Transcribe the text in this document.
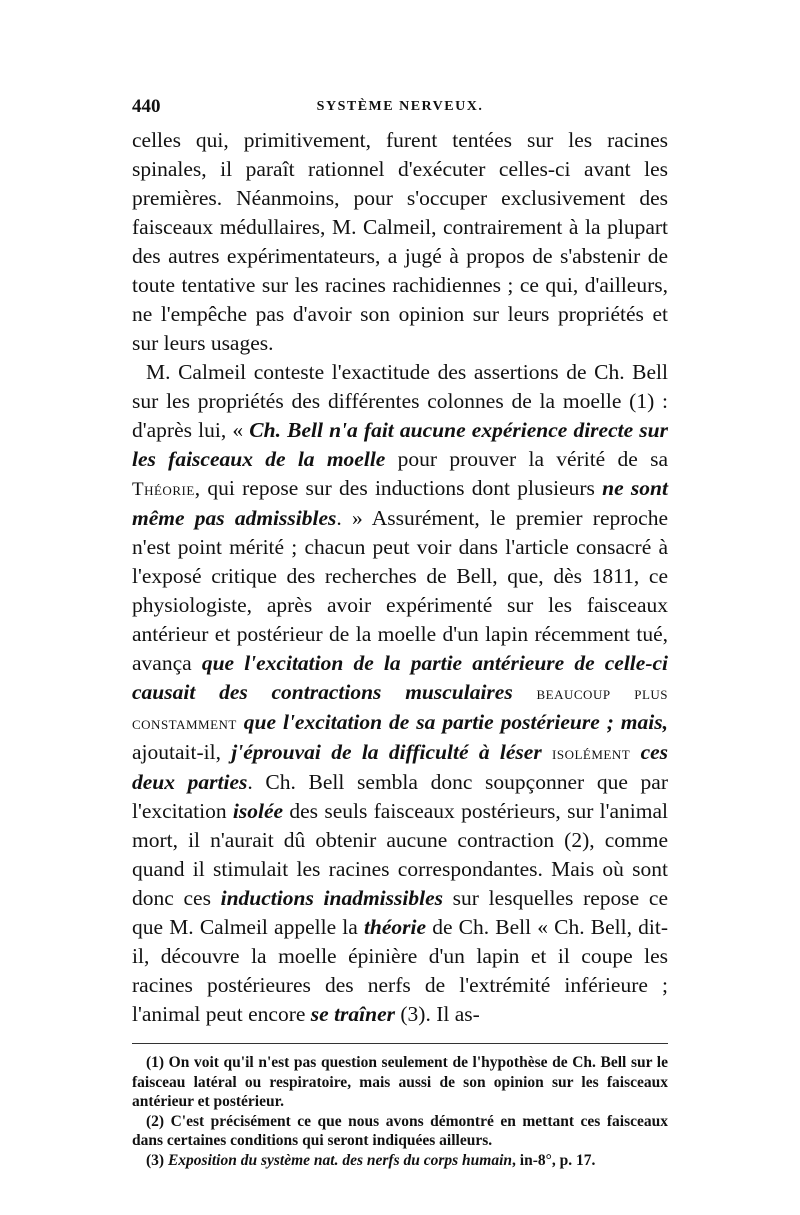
440	SYSTÈME NERVEUX.

celles qui, primitivement, furent tentées sur les racines spinales, il paraît rationnel d'exécuter celles-ci avant les premières. Néanmoins, pour s'occuper exclusivement des faisceaux médullaires, M. Calmeil, contrairement à la plupart des autres expérimentateurs, a jugé à propos de s'abstenir de toute tentative sur les racines rachidiennes ; ce qui, d'ailleurs, ne l'empêche pas d'avoir son opinion sur leurs propriétés et sur leurs usages.

M. Calmeil conteste l'exactitude des assertions de Ch. Bell sur les propriétés des différentes colonnes de la moelle (1) : d'après lui, « Ch. Bell n'a fait aucune expérience directe sur les faisceaux de la moelle pour prouver la vérité de sa Théorie, qui repose sur des inductions dont plusieurs ne sont même pas admissibles. » Assurément, le premier reproche n'est point mérité ; chacun peut voir dans l'article consacré à l'exposé critique des recherches de Bell, que, dès 1811, ce physiologiste, après avoir expérimenté sur les faisceaux antérieur et postérieur de la moelle d'un lapin récemment tué, avança que l'excitation de la partie antérieure de celle-ci causait des contractions musculaires beaucoup plus constamment que l'excitation de sa partie postérieure ; mais, ajoutait-il, j'éprouvai de la difficulté à léser isolément ces deux parties. Ch. Bell sembla donc soupçonner que par l'excitation isolée des seuls faisceaux postérieurs, sur l'animal mort, il n'aurait dû obtenir aucune contraction (2), comme quand il stimulait les racines correspondantes. Mais où sont donc ces inductions inadmissibles sur lesquelles repose ce que M. Calmeil appelle la théorie de Ch. Bell « Ch. Bell, dit-il, découvre la moelle épinière d'un lapin et il coupe les racines postérieures des nerfs de l'extrémité inférieure ; l'animal peut encore se traîner (3). Il as-

(1) On voit qu'il n'est pas question seulement de l'hypothèse de Ch. Bell sur le faisceau latéral ou respiratoire, mais aussi de son opinion sur les faisceaux antérieur et postérieur.

(2) C'est précisément ce que nous avons démontré en mettant ces faisceaux dans certaines conditions qui seront indiquées ailleurs.

(3) Exposition du système nat. des nerfs du corps humain, in-8°, p. 17.
